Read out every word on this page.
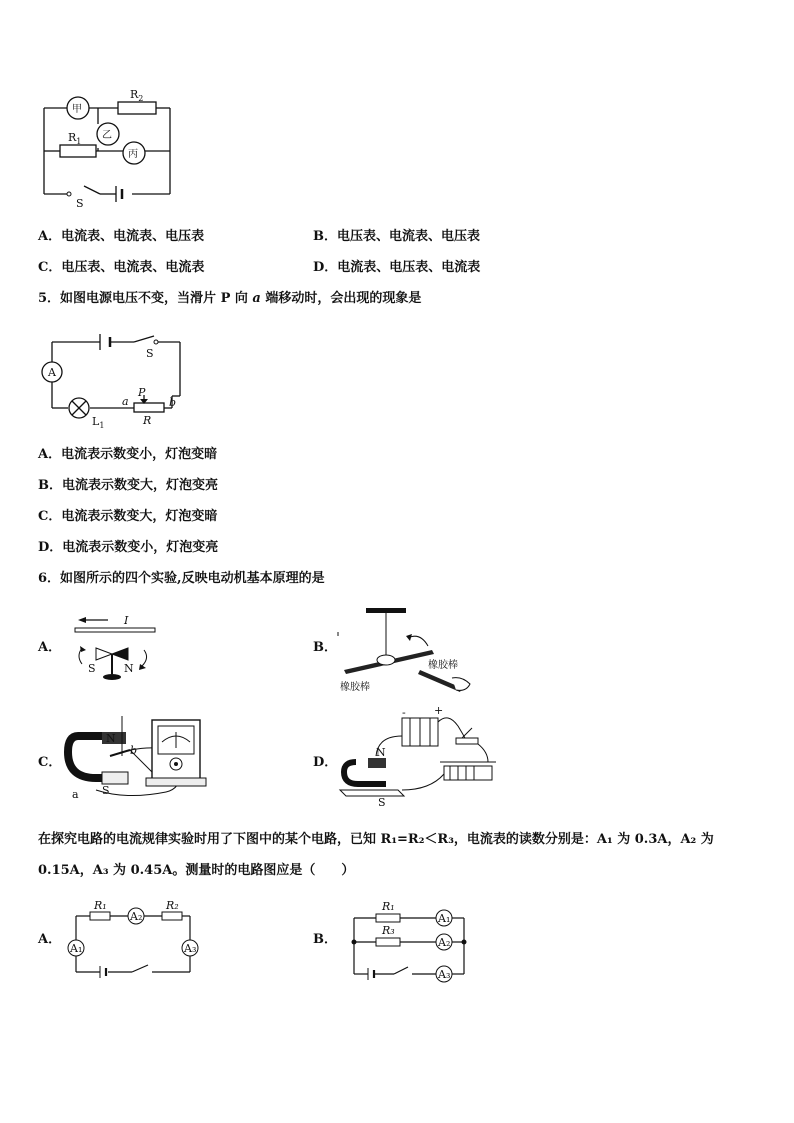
甲
乙
丙
$R_2$
$R_1$
S
A．电流表、电流表、电压表	B．电压表、电流表、电压表
C．电压表、电流表、电流表	D．电流表、电压表、电流表
5．如图电源电压不变，当滑片 P 向 a 端移动时，会出现的现象是
A
S
$L_1$
a
P
b
R
A．电流表示数变小，灯泡变暗
B．电流表示数变大，灯泡变亮
C．电流表示数变大，灯泡变暗
D．电流表示数变小，灯泡变亮
6．如图所示的四个实验,反映电动机基本原理的是
A．
I
S	N
B．
橡胶棒
橡胶棒
C．
N
b
a S
D．
-	+
N
S
在探究电路的电流规律实验时用了下图中的某个电路，已知 R₁=R₂＜R₃，电流表的读数分别是：A₁ 为 0.3A，A₂ 为
0.15A，A₃ 为 0.45A。测量时的电路图应是（　　）
A．
R₁	R₂
A₂
A₁	A₃
B．
R₁
R₃
A₁
A₂
A₃
